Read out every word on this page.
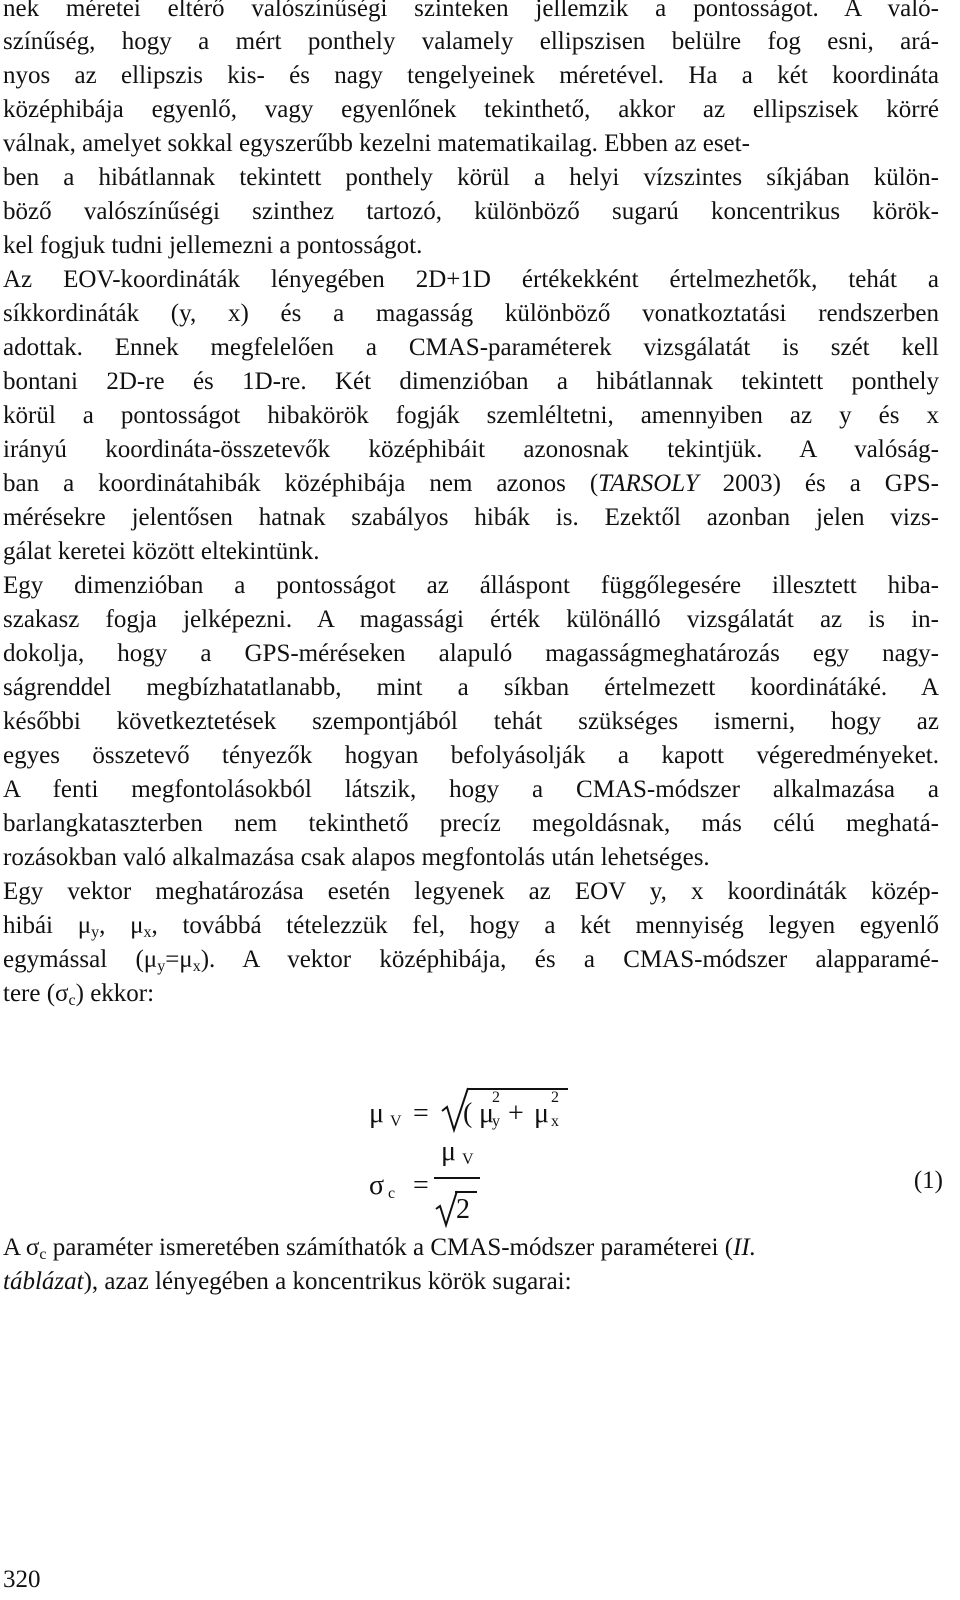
nek méretei eltérő valószínűségi szinteken jellemzik a pontosságot. A való-
színűség, hogy a mért ponthely valamely ellipszisen belülre fog esni, ará-
nyos az ellipszis kis- és nagy tengelyeinek méretével. Ha a két koordináta
középhibája egyenlő, vagy egyenlőnek tekinthető, akkor az ellipszisek körré
válnak, amelyet sokkal egyszerűbb kezelni matematikailag. Ebben az eset-
ben a hibátlannak tekintett ponthely körül a helyi vízszintes síkjában külön-
böző valószínűségi szinthez tartozó, különböző sugarú koncentrikus körök-
kel fogjuk tudni jellemezni a pontosságot.
Az EOV-koordináták lényegében 2D+1D értékekként értelmezhetők, tehát a
síkkordináták (y, x) és a magasság különböző vonatkoztatási rendszerben
adottak. Ennek megfelelően a CMAS-paraméterek vizsgálatát is szét kell
bontani 2D-re és 1D-re. Két dimenzióban a hibátlannak tekintett ponthely
körül a pontosságot hibakörök fogják szemléltetni, amennyiben az y és x
irányú koordináta-összetevők középhibáit azonosnak tekintjük. A valóság-
ban a koordinátahibák középhibája nem azonos (TARSOLY 2003) és a GPS-
mérésekre jelentősen hatnak szabályos hibák is. Ezektől azonban jelen vizs-
gálat keretei között eltekintünk.
Egy dimenzióban a pontosságot az álláspont függőlegesére illesztett hiba-
szakasz fogja jelképezni. A magassági érték különálló vizsgálatát az is in-
dokolja, hogy a GPS-méréseken alapuló magasságmeghatározás egy nagy-
ságrenddel megbízhatatlanabb, mint a síkban értelmezett koordinátáké. A
későbbi következtetések szempontjából tehát szükséges ismerni, hogy az
egyes összetevő tényezők hogyan befolyásolják a kapott végeredményeket.
A fenti megfontolásokból látszik, hogy a CMAS-módszer alkalmazása a
barlangkataszterben nem tekinthető precíz megoldásnak, más célú meghatá-
rozásokban való alkalmazása csak alapos megfontolás után lehetséges.
Egy vektor meghatározása esetén legyenek az EOV y, x koordináták közép-
hibái $\mu_y$, $\mu_x$, továbbá tételezzük fel, hogy a két mennyiség legyen egyenlő
egymással $(\mu_y=\mu_x)$. A vektor középhibája, és a CMAS-módszer alapparamé-
tere $(\sigma_c)$ ekkor:
μ V = ( μ
2
y + μ
2
x
σ c =
μ V
2
(1)
A $\sigma_c$ paraméter ismeretében számíthatók a CMAS-módszer paraméterei (II.
táblázat), azaz lényegében a koncentrikus körök sugarai:
320
